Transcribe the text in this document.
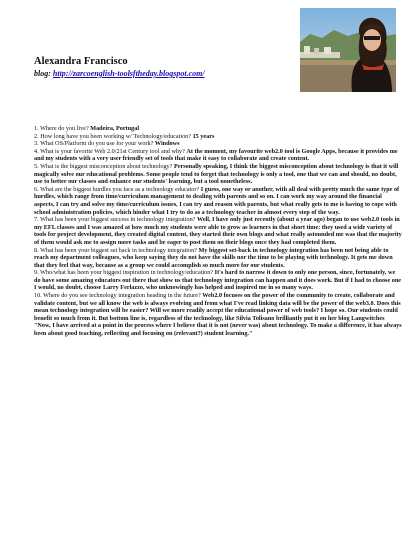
Alexandra Francisco

blog: http://zarcoenglish-toolsftheday.blogspot.com/

1. Where do you live? Madeira, Portugal

2. How long have you been working w/ Technology/education? 15 years

3. What OS/Platform do you use for your work? Windows

4. What is your favorite Web 2.0/21st Century tool and why? At the moment, my favourite web2.0 tool is Google Apps, because it provides me and my students with a very user friendly set of tools that make it easy to collaborate and create content.

5. What is the biggest misconception about technology? Personally speaking, I think the biggest misconception about technology is that it will magically solve our educational problems. Some people tend to forget that technology is only a tool, one that we can and should, no doubt, use to better our classes and enhance our students' learning, but a tool nonetheless.

6. What are the biggest hurdles you face as a technology educator? I guess, one way or another, with all deal with pretty much the same type of hurdles, which range from time/curriculum management to dealing with parents and so on. I can work my way around the financial aspects, I can try and solve my time/curriculum issues, I can try and reason with parents, but what really gets to me is having to cope with school administration policies, which hinder what I try to do as a technology teacher in almost every step of the way.

7. What has been your biggest success in technology integration? Well, I have only just recently (about a year ago) began to use web2.0 tools in my EFL classes and I was amazed at how much my students were able to grow as learners in that short time: they used a wide variety of tools for project development, they created digital content, they started their own blogs and what really astounded me was that the majority of them would ask me to assign more tasks and be eager to post them on their blogs once they had completed them.

8. What has been your biggest set back in technology integration? My biggest set-back in technology integration has been not being able to reach my department colleagues, who keep saying they do not have the skills nor the time to be playing with technology. It gets me down that they feel that way, because as a group we could accomplish so much more for our students.

9. Who/what has been your biggest inspiration in technology/education? It's hard to narrow it down to only one person, since, fortunately, we do have some amazing educators out there that show us that technology integration can happen and it does work. But if I had to choose one I would, no doubt, choose Larry Ferlazzo, who unknowingly has helped and inspired me in so many ways.

10. Where do you see technology integration heading in the future? Web2.0 focuses on the power of the community to create, collaborate and validate content, but we all know the web is always evolving and from what I've read linking data will be the power of the web3.0. Does this mean technology integration will be easier? Will we more readily accept the educational power of web tools? I hope so. Our students could benefit so much from it. But bottom line is, regardless of the technology, like Silvia Tolisano brilliantly put it on her blog Langwitches "Now, I have arrived at a point in the process where I believe that it is not (never was) about technology. To make a difference, it has always been about good teaching, reflecting and focusing on (relevant?) student learning."
